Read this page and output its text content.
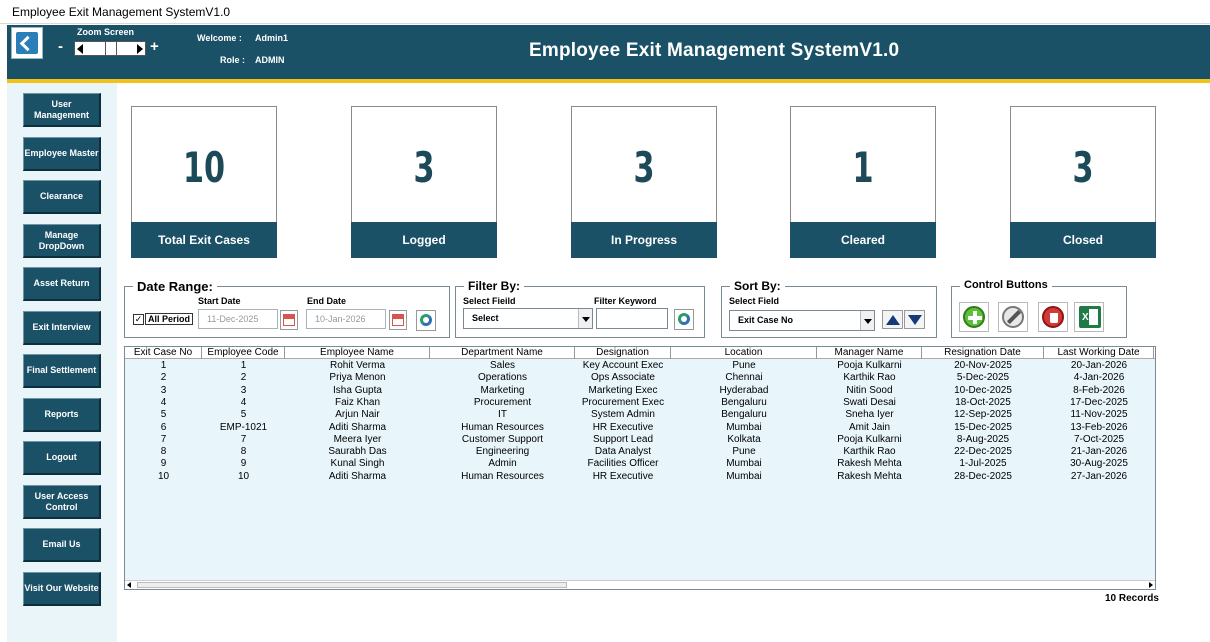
Employee Exit Management SystemV1.0
Zoom Screen
-	+	Welcome : Admin1
Role : ADMIN	Employee Exit Management SystemV1.0
User Management
Employee Master
Clearance
Manage DropDown
Asset Return
Exit Interview
Final Settlement
Reports
Logout
User Access Control
Email Us
Visit Our Website
10
Total Exit Cases
3
Logged
3
In Progress
1
Cleared
3
Closed
Date Range:
Start Date	End Date
✓ All Period	11-Dec-2025	10-Jan-2026
Filter By:
Select Fieild	Filter Keyword
Select
Sort By:
Select Field
Exit Case No
Control Buttons
X
Exit Case No	Employee Code	Employee Name	Department Name	Designation	Location	Manager Name	Resignation Date	Last Working Date
1	1	Rohit Verma	Sales	Key Account Exec	Pune	Pooja Kulkarni	20-Nov-2025	20-Jan-2026
2	2	Priya Menon	Operations	Ops Associate	Chennai	Karthik Rao	5-Dec-2025	4-Jan-2026
3	3	Isha Gupta	Marketing	Marketing Exec	Hyderabad	Nitin Sood	10-Dec-2025	8-Feb-2026
4	4	Faiz Khan	Procurement	Procurement Exec	Bengaluru	Swati Desai	18-Oct-2025	17-Dec-2025
5	5	Arjun Nair	IT	System Admin	Bengaluru	Sneha Iyer	12-Sep-2025	11-Nov-2025
6	EMP-1021	Aditi Sharma	Human Resources	HR Executive	Mumbai	Amit Jain	15-Dec-2025	13-Feb-2026
7	7	Meera Iyer	Customer Support	Support Lead	Kolkata	Pooja Kulkarni	8-Aug-2025	7-Oct-2025
8	8	Saurabh Das	Engineering	Data Analyst	Pune	Karthik Rao	22-Dec-2025	21-Jan-2026
9	9	Kunal Singh	Admin	Facilities Officer	Mumbai	Rakesh Mehta	1-Jul-2025	30-Aug-2025
10	10	Aditi Sharma	Human Resources	HR Executive	Mumbai	Rakesh Mehta	28-Dec-2025	27-Jan-2026
10 Records
